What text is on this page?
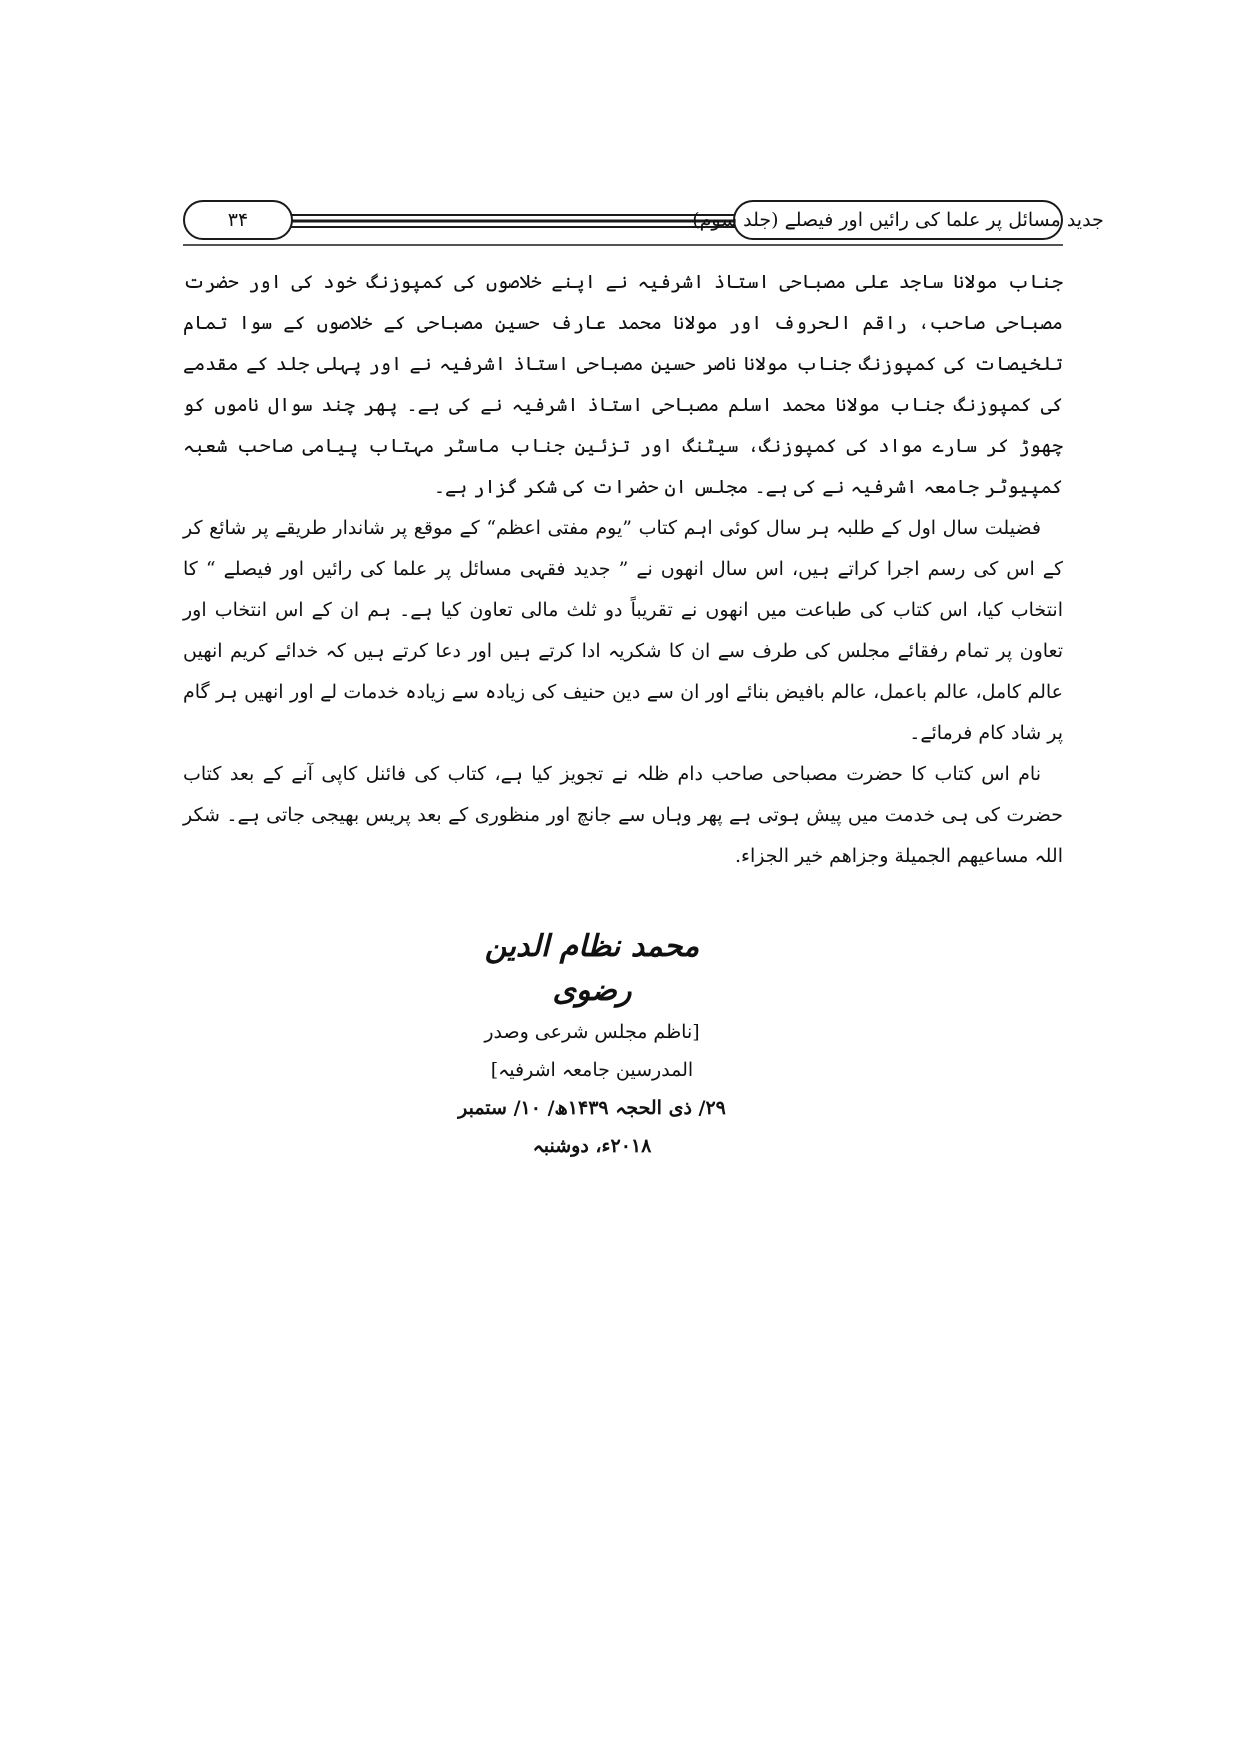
۳۴	جدید مسائل پر علما کی رائیں اور فیصلے (جلد سوم)

جناب مولانا ساجد علی مصباحی استاذ اشرفیہ نے اپنے خلاصوں کی کمپوزنگ خود کی اور حضرت مصباحی صاحب، راقم الحروف اور مولانا محمد عارف حسین مصباحی کے خلاصوں کے سوا تمام تلخیصات کی کمپوزنگ جناب مولانا ناصر حسین مصباحی استاذ اشرفیہ نے اور پہلی جلد کے مقدمے کی کمپوزنگ جناب مولانا محمد اسلم مصباحی استاذ اشرفیہ نے کی ہے۔ پھر چند سوال ناموں کو چھوڑ کر سارے مواد کی کمپوزنگ، سیٹنگ اور تزئین جناب ماسٹر مہتاب پیامی صاحب شعبہ کمپیوٹر جامعہ اشرفیہ نے کی ہے۔ مجلس ان حضرات کی شکر گزار ہے۔

فضیلت سال اول کے طلبہ ہر سال کوئی اہم کتاب ”یوم مفتی اعظم“ کے موقع پر شاندار طریقے پر شائع کر کے اس کی رسم اجرا کراتے ہیں، اس سال انھوں نے ” جدید فقہی مسائل پر علما کی رائیں اور فیصلے “ کا انتخاب کیا، اس کتاب کی طباعت میں انھوں نے تقریباً دو ثلث مالی تعاون کیا ہے۔ ہم ان کے اس انتخاب اور تعاون پر تمام رفقائے مجلس کی طرف سے ان کا شکریہ ادا کرتے ہیں اور دعا کرتے ہیں کہ خدائے کریم انھیں عالم کامل، عالم باعمل، عالم بافیض بنائے اور ان سے دین حنیف کی زیادہ سے زیادہ خدمات لے اور انھیں ہر گام پر شاد کام فرمائے۔

نام اس کتاب کا حضرت مصباحی صاحب دام ظلہ نے تجویز کیا ہے، کتاب کی فائنل کاپی آنے کے بعد کتاب حضرت کی ہی خدمت میں پیش ہوتی ہے پھر وہاں سے جانچ اور منظوری کے بعد پریس بھیجی جاتی ہے۔ شکر اللہ مساعیهم الجمیلة وجزاهم خیر الجزاء.

محمد نظام الدین رضوی

[ناظم مجلس شرعی وصدر المدرسین جامعہ اشرفیہ]

۲۹/ ذی الحجہ ۱۴۳۹ھ/ ۱۰/ ستمبر ۲۰۱۸ء، دوشنبہ
